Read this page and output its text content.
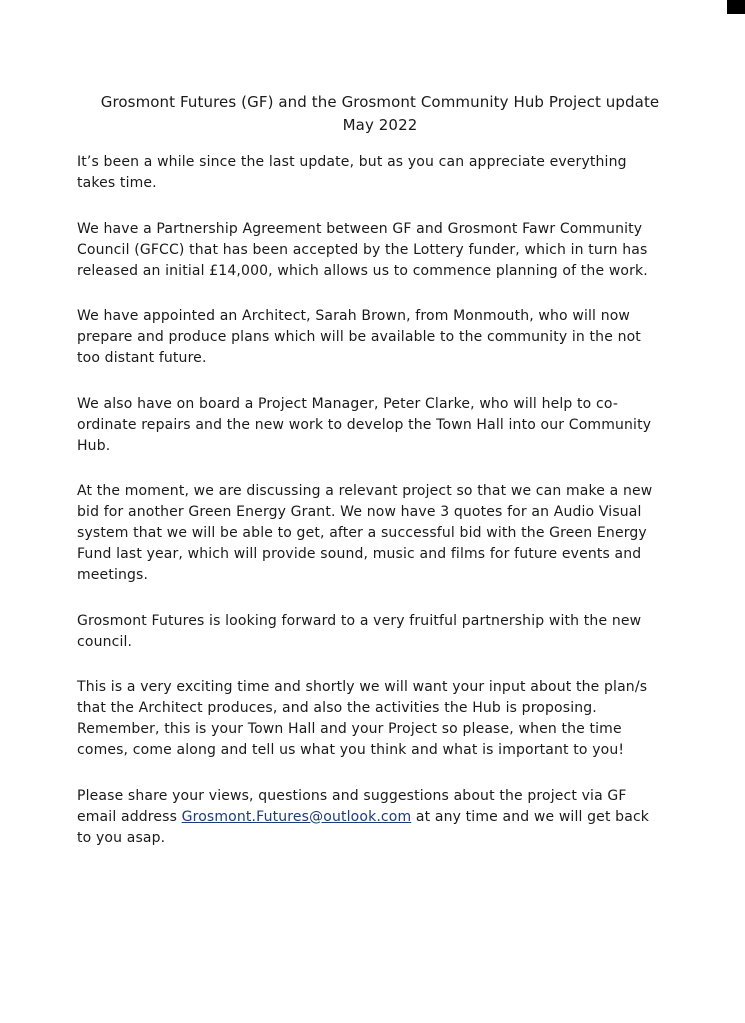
Grosmont Futures (GF) and the Grosmont Community Hub Project update
May 2022

It’s been a while since the last update, but as you can appreciate everything takes time.

We have a Partnership Agreement between GF and Grosmont Fawr Community Council (GFCC) that has been accepted by the Lottery funder, which in turn has released an initial £14,000, which allows us to commence planning of the work.

We have appointed an Architect, Sarah Brown, from Monmouth, who will now prepare and produce plans which will be available to the community in the not too distant future.

We also have on board a Project Manager, Peter Clarke, who will help to co-ordinate repairs and the new work to develop the Town Hall into our Community Hub.

At the moment, we are discussing a relevant project so that we can make a new bid for another Green Energy Grant. We now have 3 quotes for an Audio Visual system that we will be able to get, after a successful bid with the Green Energy Fund last year, which will provide sound, music and films for future events and meetings.

Grosmont Futures is looking forward to a very fruitful partnership with the new council.

This is a very exciting time and shortly we will want your input about the plan/s that the Architect produces, and also the activities the Hub is proposing. Remember, this is your Town Hall and your Project so please, when the time comes, come along and tell us what you think and what is important to you!

Please share your views, questions and suggestions about the project via GF email address Grosmont.Futures@outlook.com at any time and we will get back to you asap.
